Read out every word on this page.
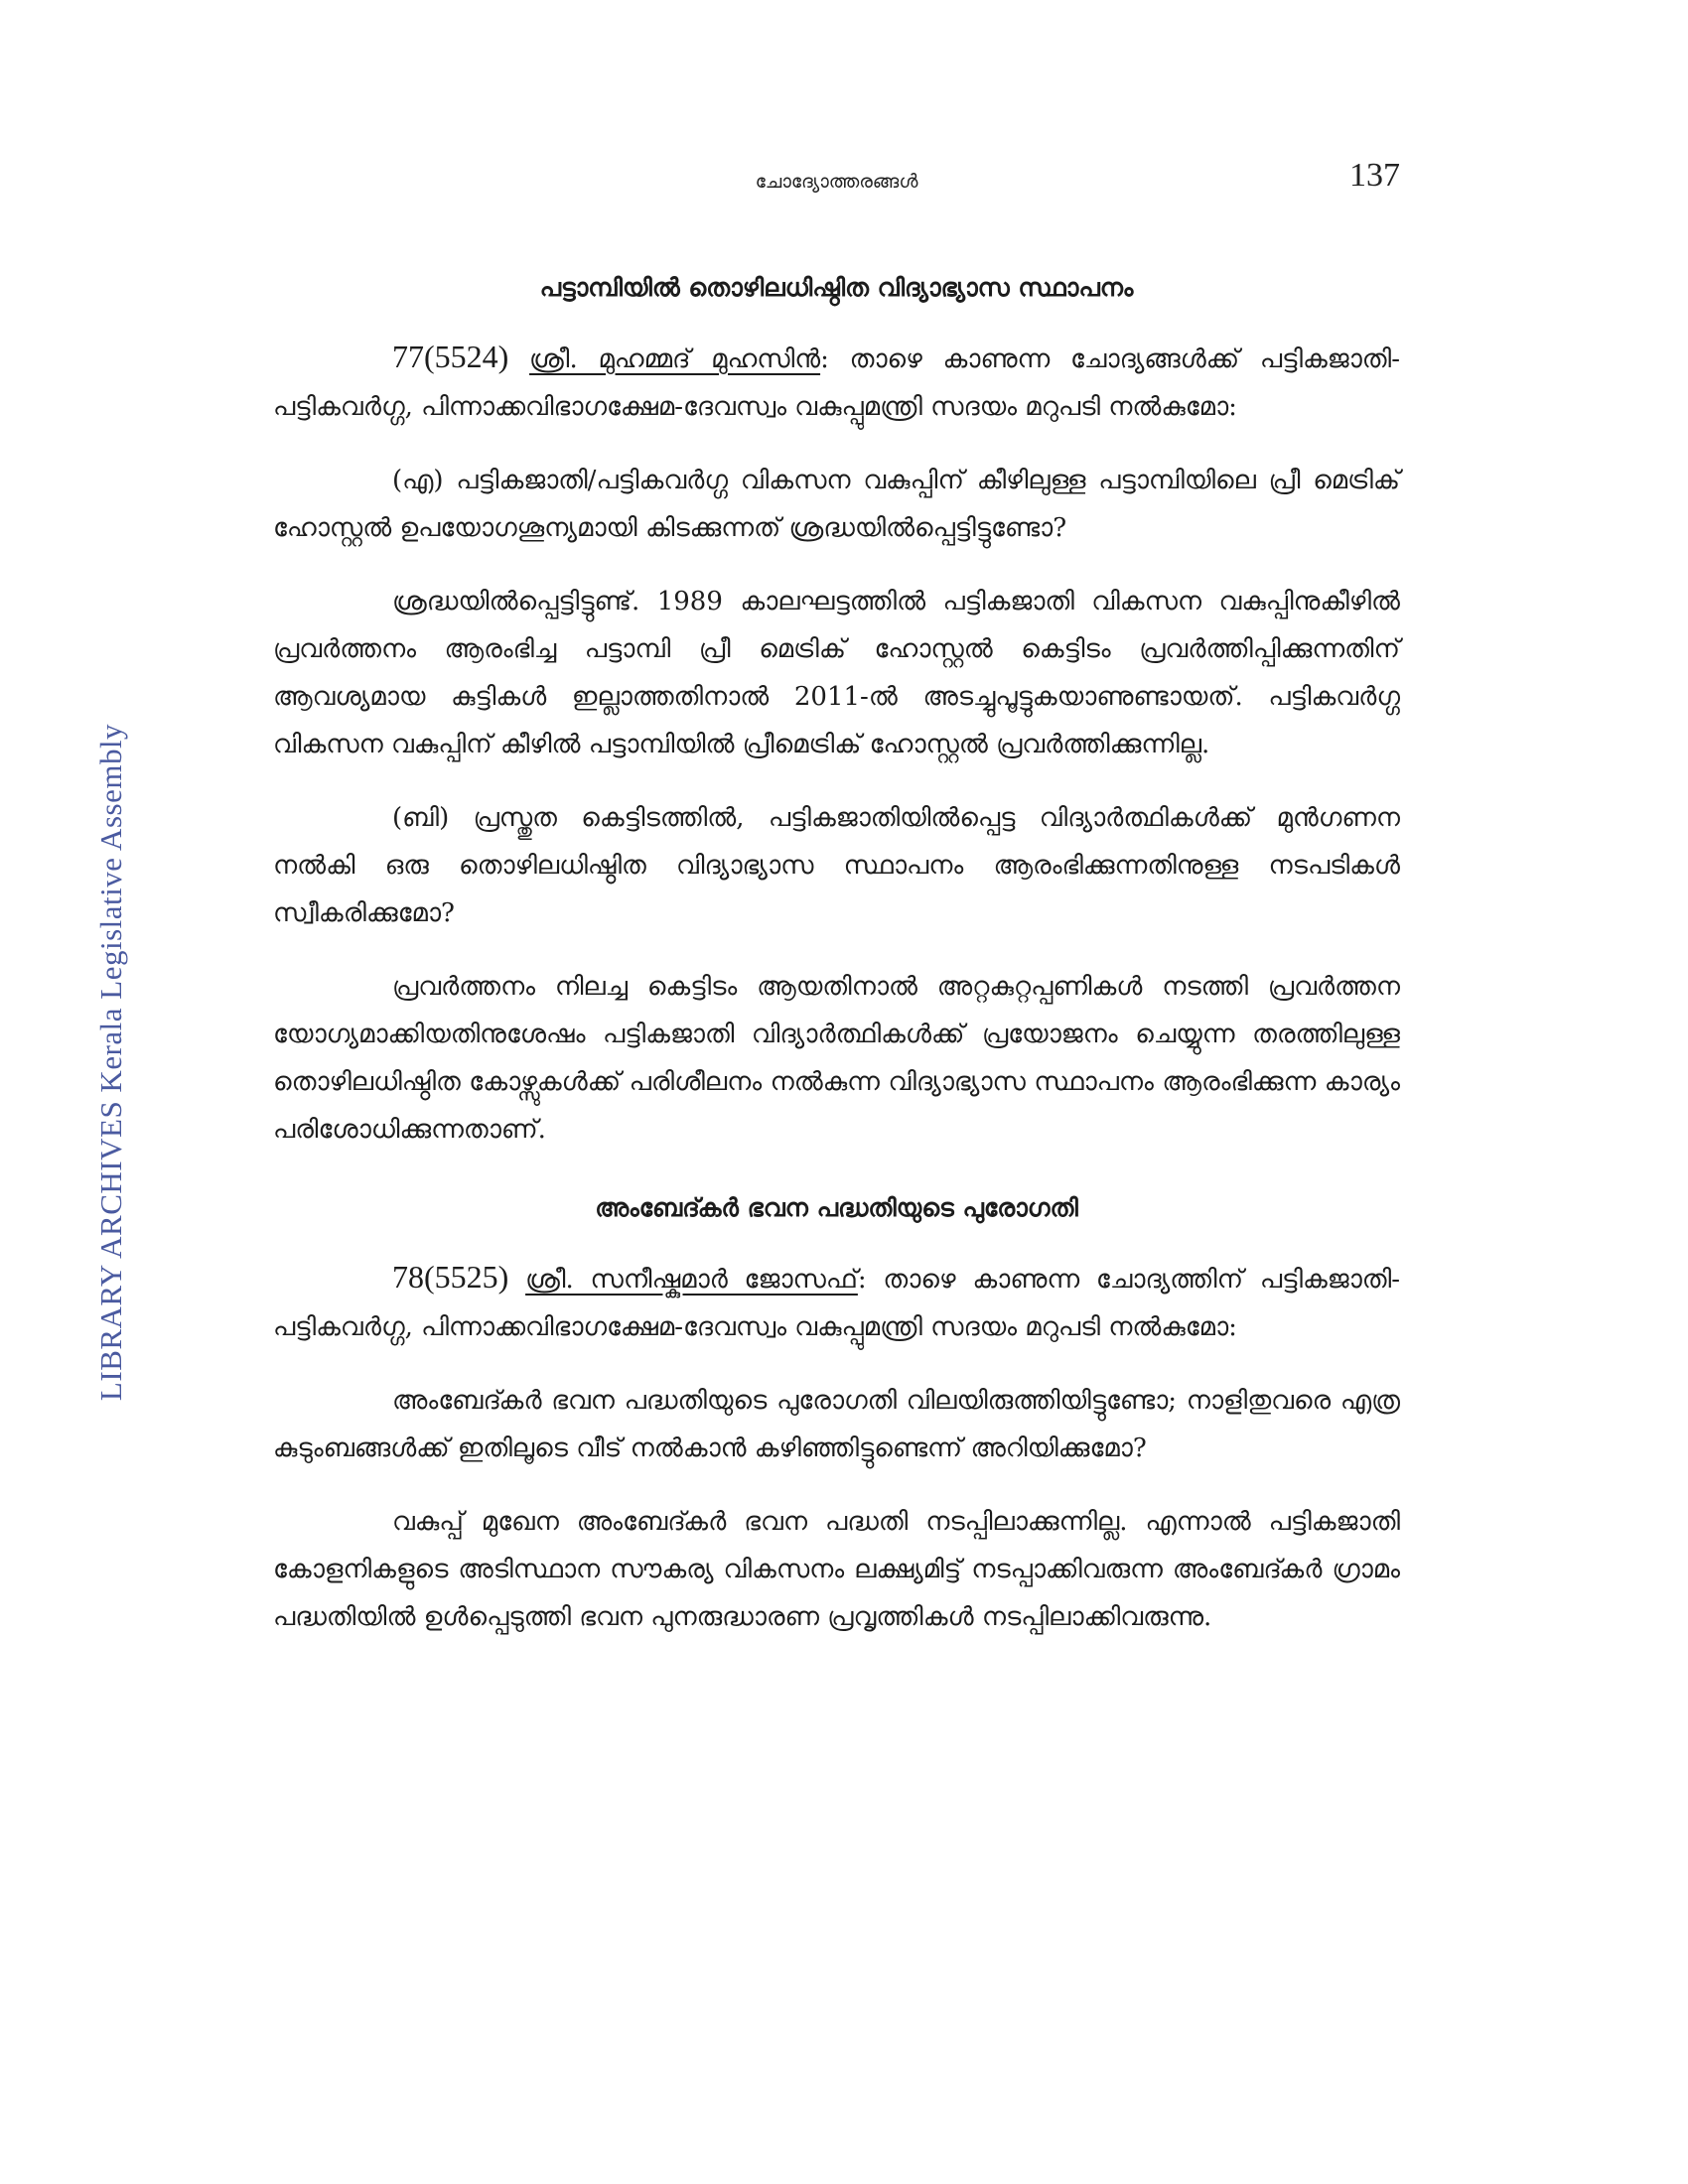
LIBRARY ARCHIVES Kerala Legislative Assembly
ചോദ്യോത്തരങ്ങൾ	137
പട്ടാമ്പിയിൽ തൊഴിലധിഷ്ഠിത വിദ്യാഭ്യാസ സ്ഥാപനം

77(5524) ശ്രീ. മുഹമ്മദ് മുഹസിൻ: താഴെ കാണുന്ന ചോദ്യങ്ങൾക്ക് പട്ടികജാതി-പട്ടികവർഗ്ഗ, പിന്നാക്കവിഭാഗക്ഷേമ-ദേവസ്വം വകുപ്പുമന്ത്രി സദയം മറുപടി നൽകുമോ:

(എ) പട്ടികജാതി/പട്ടികവർഗ്ഗ വികസന വകുപ്പിന് കീഴിലുള്ള പട്ടാമ്പിയിലെ പ്രീ മെട്രിക് ഹോസ്റ്റൽ ഉപയോഗശൂന്യമായി കിടക്കുന്നത് ശ്രദ്ധയിൽപ്പെട്ടിട്ടുണ്ടോ?

ശ്രദ്ധയിൽപ്പെട്ടിട്ടുണ്ട്. 1989 കാലഘട്ടത്തിൽ പട്ടികജാതി വികസന വകുപ്പിനുകീഴിൽ പ്രവർത്തനം ആരംഭിച്ച പട്ടാമ്പി പ്രീ മെട്രിക് ഹോസ്റ്റൽ കെട്ടിടം പ്രവർത്തിപ്പിക്കുന്നതിന് ആവശ്യമായ കുട്ടികൾ ഇല്ലാത്തതിനാൽ 2011-ൽ അടച്ചുപൂട്ടുകയാണുണ്ടായത്. പട്ടികവർഗ്ഗ വികസന വകുപ്പിന് കീഴിൽ പട്ടാമ്പിയിൽ പ്രീമെട്രിക് ഹോസ്റ്റൽ പ്രവർത്തിക്കുന്നില്ല.

(ബി) പ്രസ്തുത കെട്ടിടത്തിൽ, പട്ടികജാതിയിൽപ്പെട്ട വിദ്യാർത്ഥികൾക്ക് മുൻഗണന നൽകി ഒരു തൊഴിലധിഷ്ഠിത വിദ്യാഭ്യാസ സ്ഥാപനം ആരംഭിക്കുന്നതിനുള്ള നടപടികൾ സ്വീകരിക്കുമോ?

പ്രവർത്തനം നിലച്ച കെട്ടിടം ആയതിനാൽ അറ്റകുറ്റപ്പണികൾ നടത്തി പ്രവർത്തന യോഗ്യമാക്കിയതിനുശേഷം പട്ടികജാതി വിദ്യാർത്ഥികൾക്ക് പ്രയോജനം ചെയ്യുന്ന തരത്തിലുള്ള തൊഴിലധിഷ്ഠിത കോഴ്സുകൾക്ക് പരിശീലനം നൽകുന്ന വിദ്യാഭ്യാസ സ്ഥാപനം ആരംഭിക്കുന്ന കാര്യം പരിശോധിക്കുന്നതാണ്.

അംബേദ്കർ ഭവന പദ്ധതിയുടെ പുരോഗതി

78(5525) ശ്രീ. സനീഷ്കുമാർ ജോസഫ്: താഴെ കാണുന്ന ചോദ്യത്തിന് പട്ടികജാതി-പട്ടികവർഗ്ഗ, പിന്നാക്കവിഭാഗക്ഷേമ-ദേവസ്വം വകുപ്പുമന്ത്രി സദയം മറുപടി നൽകുമോ:

അംബേദ്കർ ഭവന പദ്ധതിയുടെ പുരോഗതി വിലയിരുത്തിയിട്ടുണ്ടോ; നാളിതുവരെ എത്ര കുടുംബങ്ങൾക്ക് ഇതിലൂടെ വീട് നൽകാൻ കഴിഞ്ഞിട്ടുണ്ടെന്ന് അറിയിക്കുമോ?

വകുപ്പ് മുഖേന അംബേദ്കർ ഭവന പദ്ധതി നടപ്പിലാക്കുന്നില്ല. എന്നാൽ പട്ടികജാതി കോളനികളുടെ അടിസ്ഥാന സൗകര്യ വികസനം ലക്ഷ്യമിട്ട് നടപ്പാക്കിവരുന്ന അംബേദ്കർ ഗ്രാമം പദ്ധതിയിൽ ഉൾപ്പെടുത്തി ഭവന പുനരുദ്ധാരണ പ്രവൃത്തികൾ നടപ്പിലാക്കിവരുന്നു.
